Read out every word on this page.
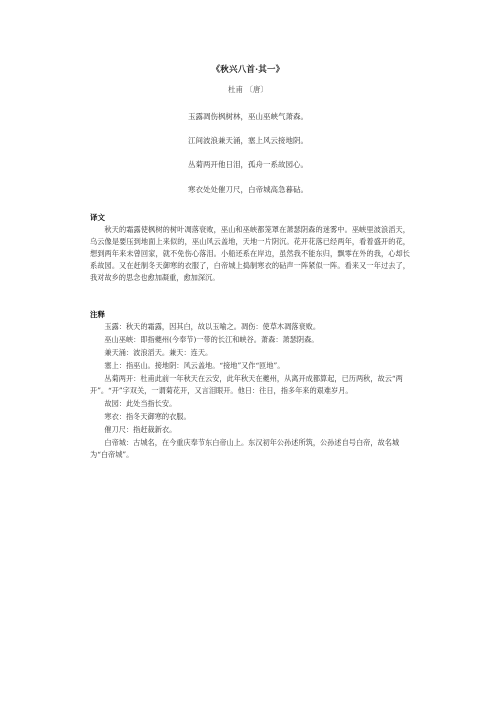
《秋兴八首·其一》
杜甫 〔唐〕
玉露凋伤枫树林，巫山巫峡气萧森。
江间波浪兼天涌，塞上风云接地阴。
丛菊两开他日泪，孤舟一系故园心。
寒衣处处催刀尺，白帝城高急暮砧。
译文
秋天的霜露使枫树的树叶凋落衰败，巫山和巫峡都笼罩在萧瑟阴森的迷雾中。巫峡里波浪滔天，乌云像是要压到地面上来似的，巫山风云盖地，天地一片阴沉。花开花落已经两年，看着盛开的花，想到两年来未曾回家，就不免伤心落泪。小船还系在岸边，虽然我不能东归，飘零在外的我，心却长系故园。又在赶制冬天御寒的衣服了，白帝城上捣制寒衣的砧声一阵紧似一阵。看来又一年过去了，我对故乡的思念也愈加凝重，愈加深沉。
注释
玉露：秋天的霜露，因其白，故以玉喻之。凋伤：使草木凋落衰败。
巫山巫峡：即指夔州(今奉节)一带的长江和峡谷。萧森：萧瑟阴森。
兼天涌：波浪滔天。兼天：连天。
塞上：指巫山。接地阴：风云盖地。“接地”又作“匝地”。
丛菊两开：杜甫此前一年秋天在云安，此年秋天在夔州，从离开成都算起，已历两秋，故云“两开”。“开”字双关，一谓菊花开，又言泪眼开。他日：往日，指多年来的艰难岁月。
故园：此处当指长安。
寒衣：指冬天御寒的衣服。
催刀尺：指赶裁新衣。
白帝城：古城名，在今重庆奉节东白帝山上。东汉初年公孙述所筑，公孙述自号白帝，故名城为“白帝城”。
